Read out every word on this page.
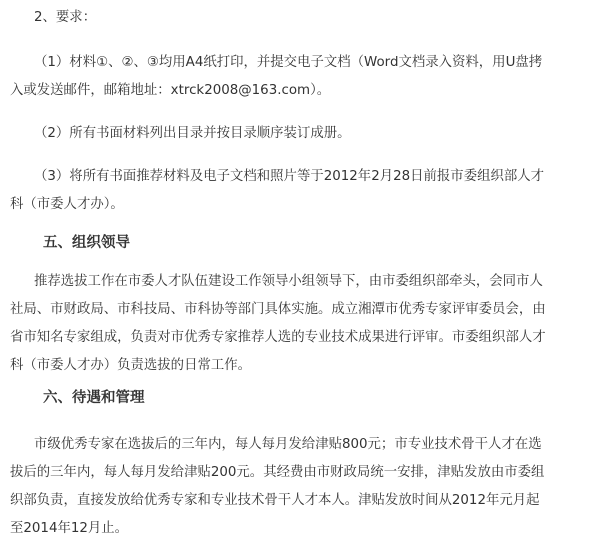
2、要求：
（1）材料①、②、③均用A4纸打印，并提交电子文档（Word文档录入资料，用U盘拷
入或发送邮件，邮箱地址：xtrck2008@163.com）。
（2）所有书面材料列出目录并按目录顺序装订成册。
（3）将所有书面推荐材料及电子文档和照片等于2012年2月28日前报市委组织部人才
科（市委人才办）。
五、组织领导
推荐选拔工作在市委人才队伍建设工作领导小组领导下，由市委组织部牵头，会同市人
社局、市财政局、市科技局、市科协等部门具体实施。成立湘潭市优秀专家评审委员会，由
省市知名专家组成，负责对市优秀专家推荐人选的专业技术成果进行评审。市委组织部人才
科（市委人才办）负责选拔的日常工作。
六、待遇和管理
市级优秀专家在选拔后的三年内，每人每月发给津贴800元；市专业技术骨干人才在选
拔后的三年内，每人每月发给津贴200元。其经费由市财政局统一安排，津贴发放由市委组
织部负责，直接发放给优秀专家和专业技术骨干人才本人。津贴发放时间从2012年元月起
至2014年12月止。
